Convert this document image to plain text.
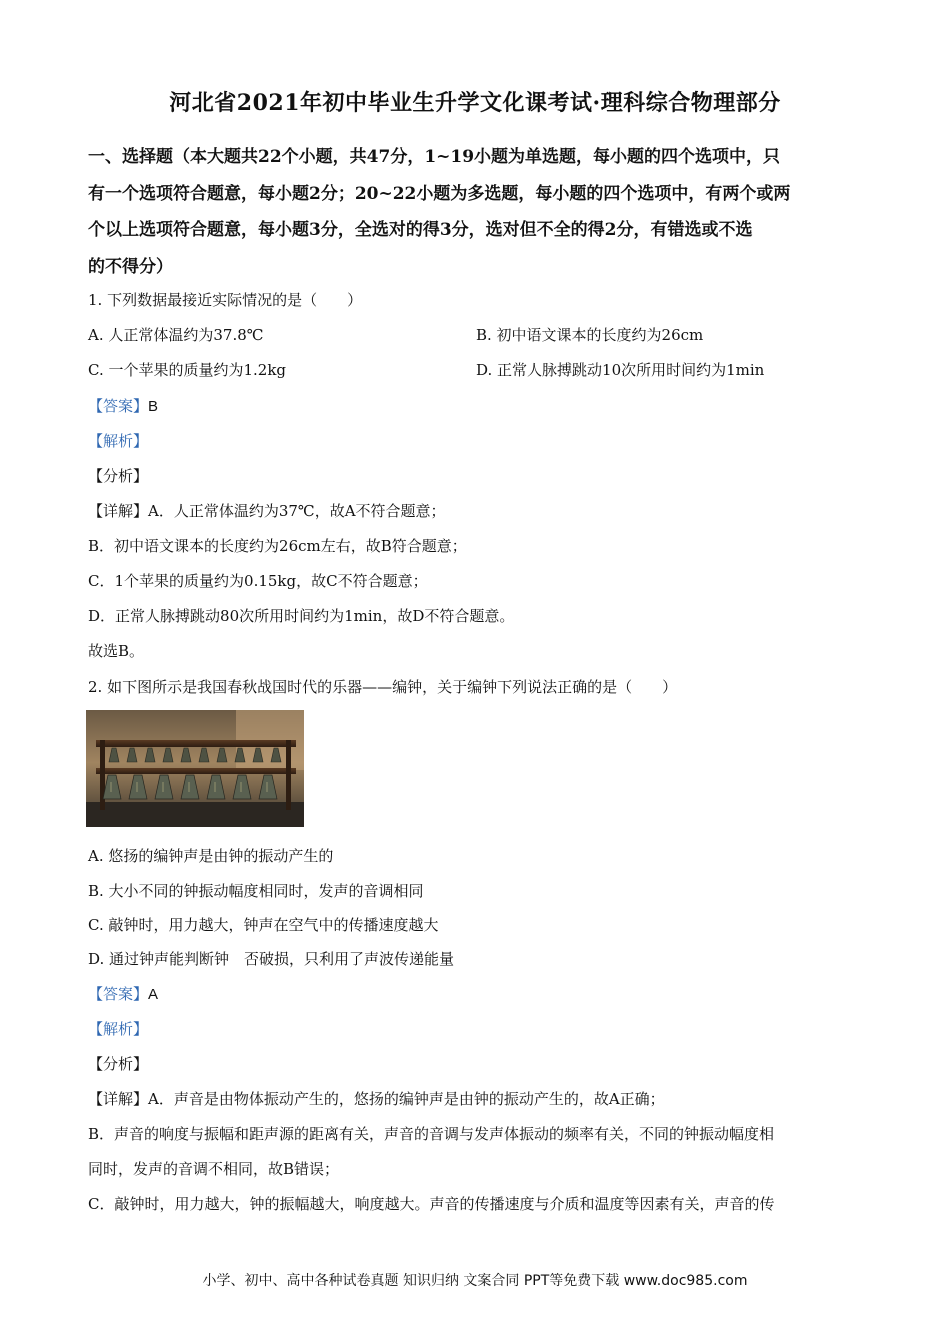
河北省2021年初中毕业生升学文化课考试·理科综合物理部分
一、选择题（本大题共22个小题，共47分，1~19小题为单选题，每小题的四个选项中，只
有一个选项符合题意，每小题2分；20~22小题为多选题，每小题的四个选项中，有两个或两
个以上选项符合题意，每小题3分，全选对的得3分，选对但不全的得2分，有错选或不选
的不得分）
1. 下列数据最接近实际情况的是（　　）
A. 人正常体温约为37.8℃	B. 初中语文课本的长度约为26cm
C. 一个苹果的质量约为1.2kg	D. 正常人脉搏跳动10次所用时间约为1min
【答案】B
【解析】
【分析】
【详解】A．人正常体温约为37℃，故A不符合题意；
B．初中语文课本的长度约为26cm左右，故B符合题意；
C．1个苹果的质量约为0.15kg，故C不符合题意；
D．正常人脉搏跳动80次所用时间约为1min，故D不符合题意。
故选B。
2. 如下图所示是我国春秋战国时代的乐器——编钟，关于编钟下列说法正确的是（　　）
A. 悠扬的编钟声是由钟的振动产生的
B. 大小不同的钟振动幅度相同时，发声的音调相同
C. 敲钟时，用力越大，钟声在空气中的传播速度越大
D. 通过钟声能判断钟　否破损，只利用了声波传递能量
【答案】A
【解析】
【分析】
【详解】A．声音是由物体振动产生的，悠扬的编钟声是由钟的振动产生的，故A正确；
B．声音的响度与振幅和距声源的距离有关，声音的音调与发声体振动的频率有关，不同的钟振动幅度相
同时，发声的音调不相同，故B错误；
C．敲钟时，用力越大，钟的振幅越大，响度越大。声音的传播速度与介质和温度等因素有关，声音的传
小学、初中、高中各种试卷真题 知识归纳 文案合同 PPT等免费下载 www.doc985.com
